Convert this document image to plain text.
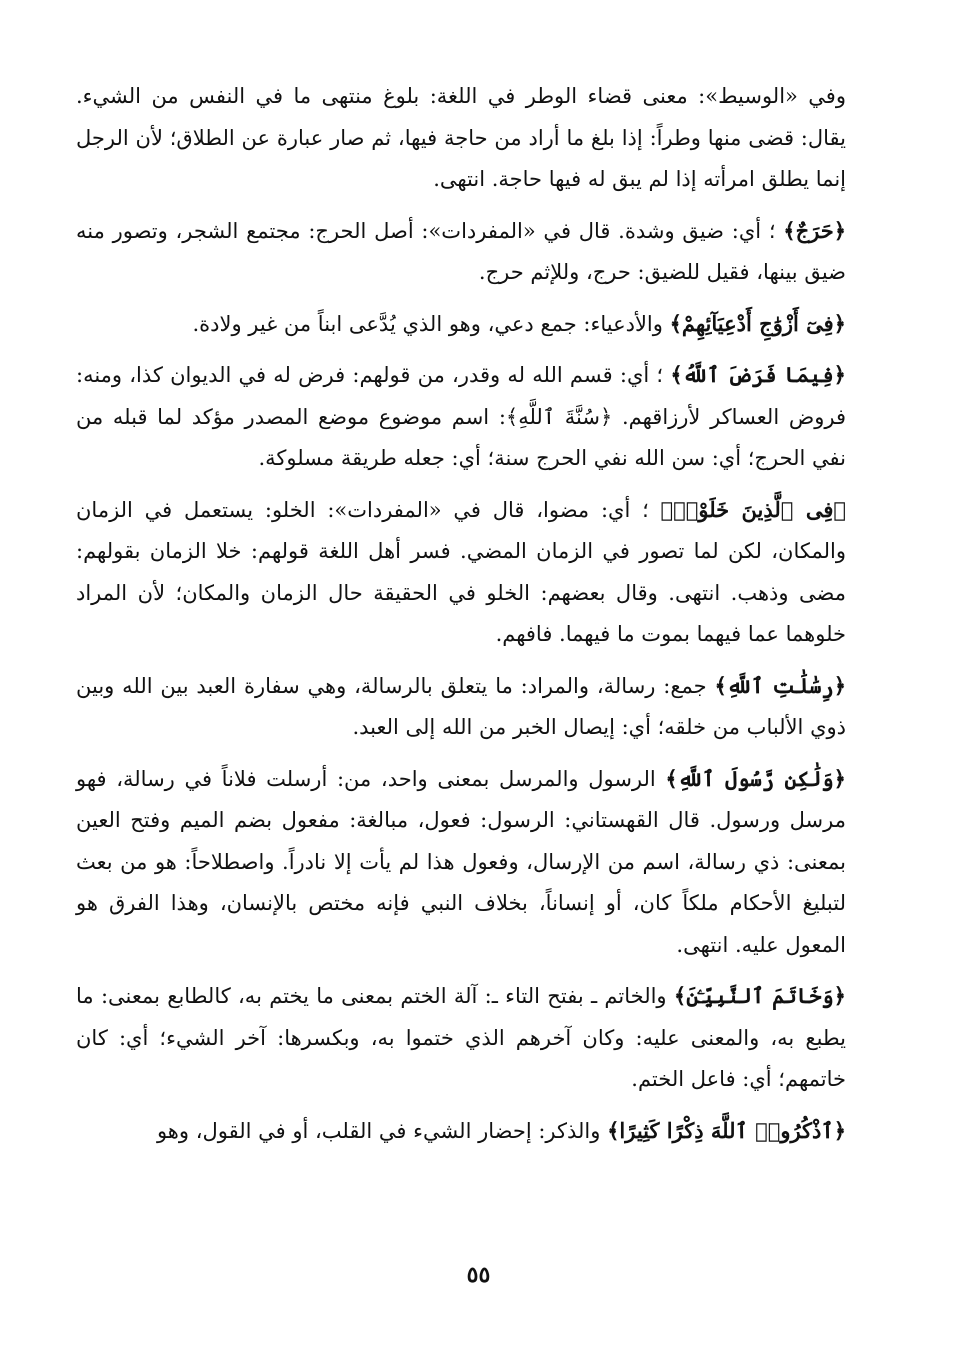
وفي «الوسيط»: معنى قضاء الوطر في اللغة: بلوغ منتهى ما في النفس من الشيء. يقال: قضى منها وطراً: إذا بلغ ما أراد من حاجة فيها، ثم صار عبارة عن الطلاق؛ لأن الرجل إنما يطلق امرأته إذا لم يبق له فيها حاجة. انتهى.

﴿حَرَجٌ﴾ ؛ أي: ضيق وشدة. قال في «المفردات»: أصل الحرج: مجتمع الشجر، وتصور منه ضيق بينها، فقيل للضيق: حرج، وللإثم حرج.

﴿فِىٓ أَزْوَٰجِ أَدْعِيَآئِهِمْ﴾ والأدعياء: جمع دعي، وهو الذي يُدَّعى ابناً من غير ولادة.

﴿فِيمَا فَرَضَ ٱللَّهُ﴾ ؛ أي: قسم الله له وقدر، من قولهم: فرض له في الديوان كذا، ومنه: فروض العساكر لأرزاقهم. ﴿سُنَّةَ ٱللَّهِ﴾: اسم موضوع موضع المصدر مؤكد لما قبله من نفي الحرج؛ أي: سن الله نفي الحرج سنة؛ أي: جعله طريقة مسلوكة.

﴿فِى ٱلَّذِينَ خَلَوْا۟﴾ ؛ أي: مضوا، قال في «المفردات»: الخلو: يستعمل في الزمان والمكان، لكن لما تصور في الزمان المضي. فسر أهل اللغة قولهم: خلا الزمان بقولهم: مضى وذهب. انتهى. وقال بعضهم: الخلو في الحقيقة حال الزمان والمكان؛ لأن المراد خلوهما عما فيهما بموت ما فيهما. فافهم.

﴿رِسَٰلَٰتِ ٱللَّهِ﴾ جمع: رسالة، والمراد: ما يتعلق بالرسالة، وهي سفارة العبد بين الله وبين ذوي الألباب من خلقه؛ أي: إيصال الخبر من الله إلى العبد.

﴿وَلَٰكِن رَّسُولَ ٱللَّهِ﴾ الرسول والمرسل بمعنى واحد، من: أرسلت فلاناً في رسالة، فهو مرسل ورسول. قال القهستاني: الرسول: فعول، مبالغة: مفعول بضم الميم وفتح العين بمعنى: ذي رسالة، اسم من الإرسال، وفعول هذا لم يأت إلا نادراً. واصطلاحاً: هو من بعث لتبليغ الأحكام ملكاً كان، أو إنساناً، بخلاف النبي فإنه مختص بالإنسان، وهذا الفرق هو المعول عليه. انتهى.

﴿وَخَاتَمَ ٱلنَّبِيِّـۧنَ﴾ والخاتم ـ بفتح التاء ـ: آلة الختم بمعنى ما يختم به، كالطابع بمعنى: ما يطبع به، والمعنى عليه: وكان آخرهم الذي ختموا به، وبكسرها: آخر الشيء؛ أي: كان خاتمهم؛ أي: فاعل الختم.

﴿ٱذْكُرُوا۟ ٱللَّهَ ذِكْرًا كَثِيرًا﴾ والذكر: إحضار الشيء في القلب، أو في القول، وهو

٥٥
